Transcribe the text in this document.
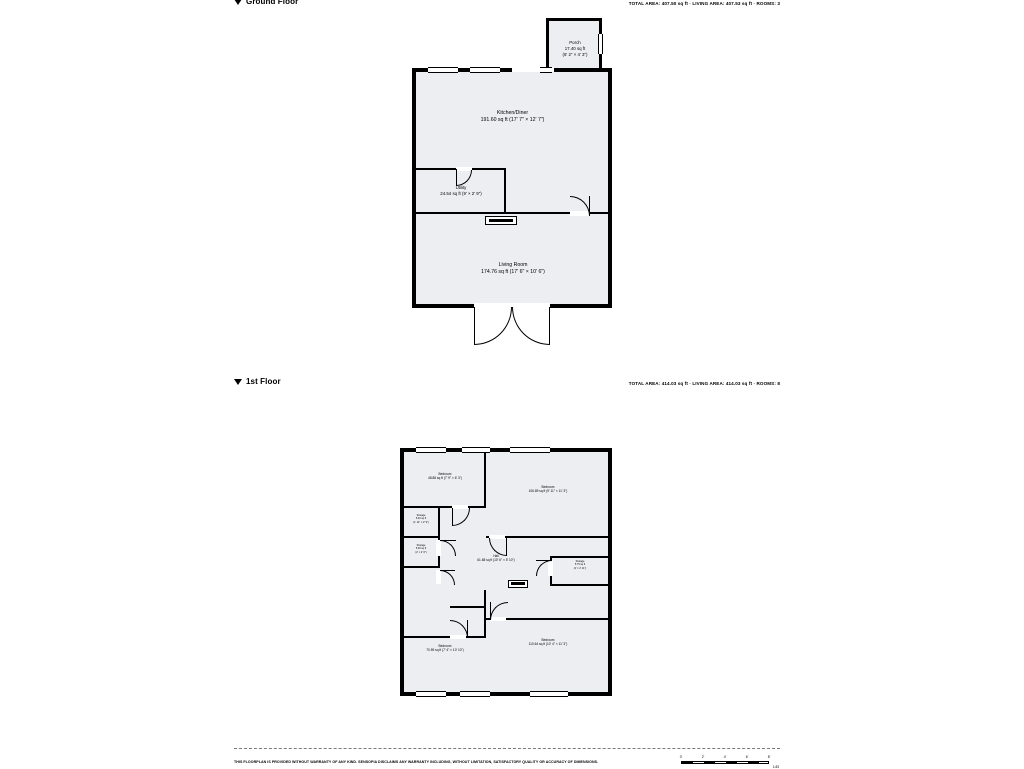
Ground Floor	TOTAL AREA: 407.50 sq ft · LIVING AREA: 407.53 sq ft · ROOMS: 3
Porch
17.40 sq ft
(6' 2" × 4' 3")
Kitchen/Diner
191.60 sq ft (17' 7" × 12' 7")
Utility
24.54 sq ft (9' × 2' 9")
Living Room
174.76 sq ft (17' 6" × 10' 6")
1st Floor	TOTAL AREA: 414.03 sq ft · LIVING AREA: 414.03 sq ft · ROOMS: 8
Bedroom
48.88 sq ft (7' 9" × 6' 3")
Bedroom
106.89 sq ft (9' 11" × 11' 3")
Storage
5.40 sq ft
(1' 11" × 2' 9")
Storage
5.00 sq ft
(2' × 2' 6")
Storage
5.75 sq ft
(2' × 2' 11")
Hall
61.68 sq ft (10' 6" × 5' 10")
Bedroom
70.59 sq ft (7' 4" × 10' 10")
Bedroom
110.64 sq ft (10' 4" × 11' 3")
THIS FLOORPLAN IS PROVIDED WITHOUT WARRANTY OF ANY KIND. SENSOPIA DISCLAIMS ANY WARRANTY INCLUDING, WITHOUT LIMITATION, SATISFACTORY QUALITY OR ACCURACY OF DIMENSIONS.
0'	2'	4'	6'	8'
1:83
